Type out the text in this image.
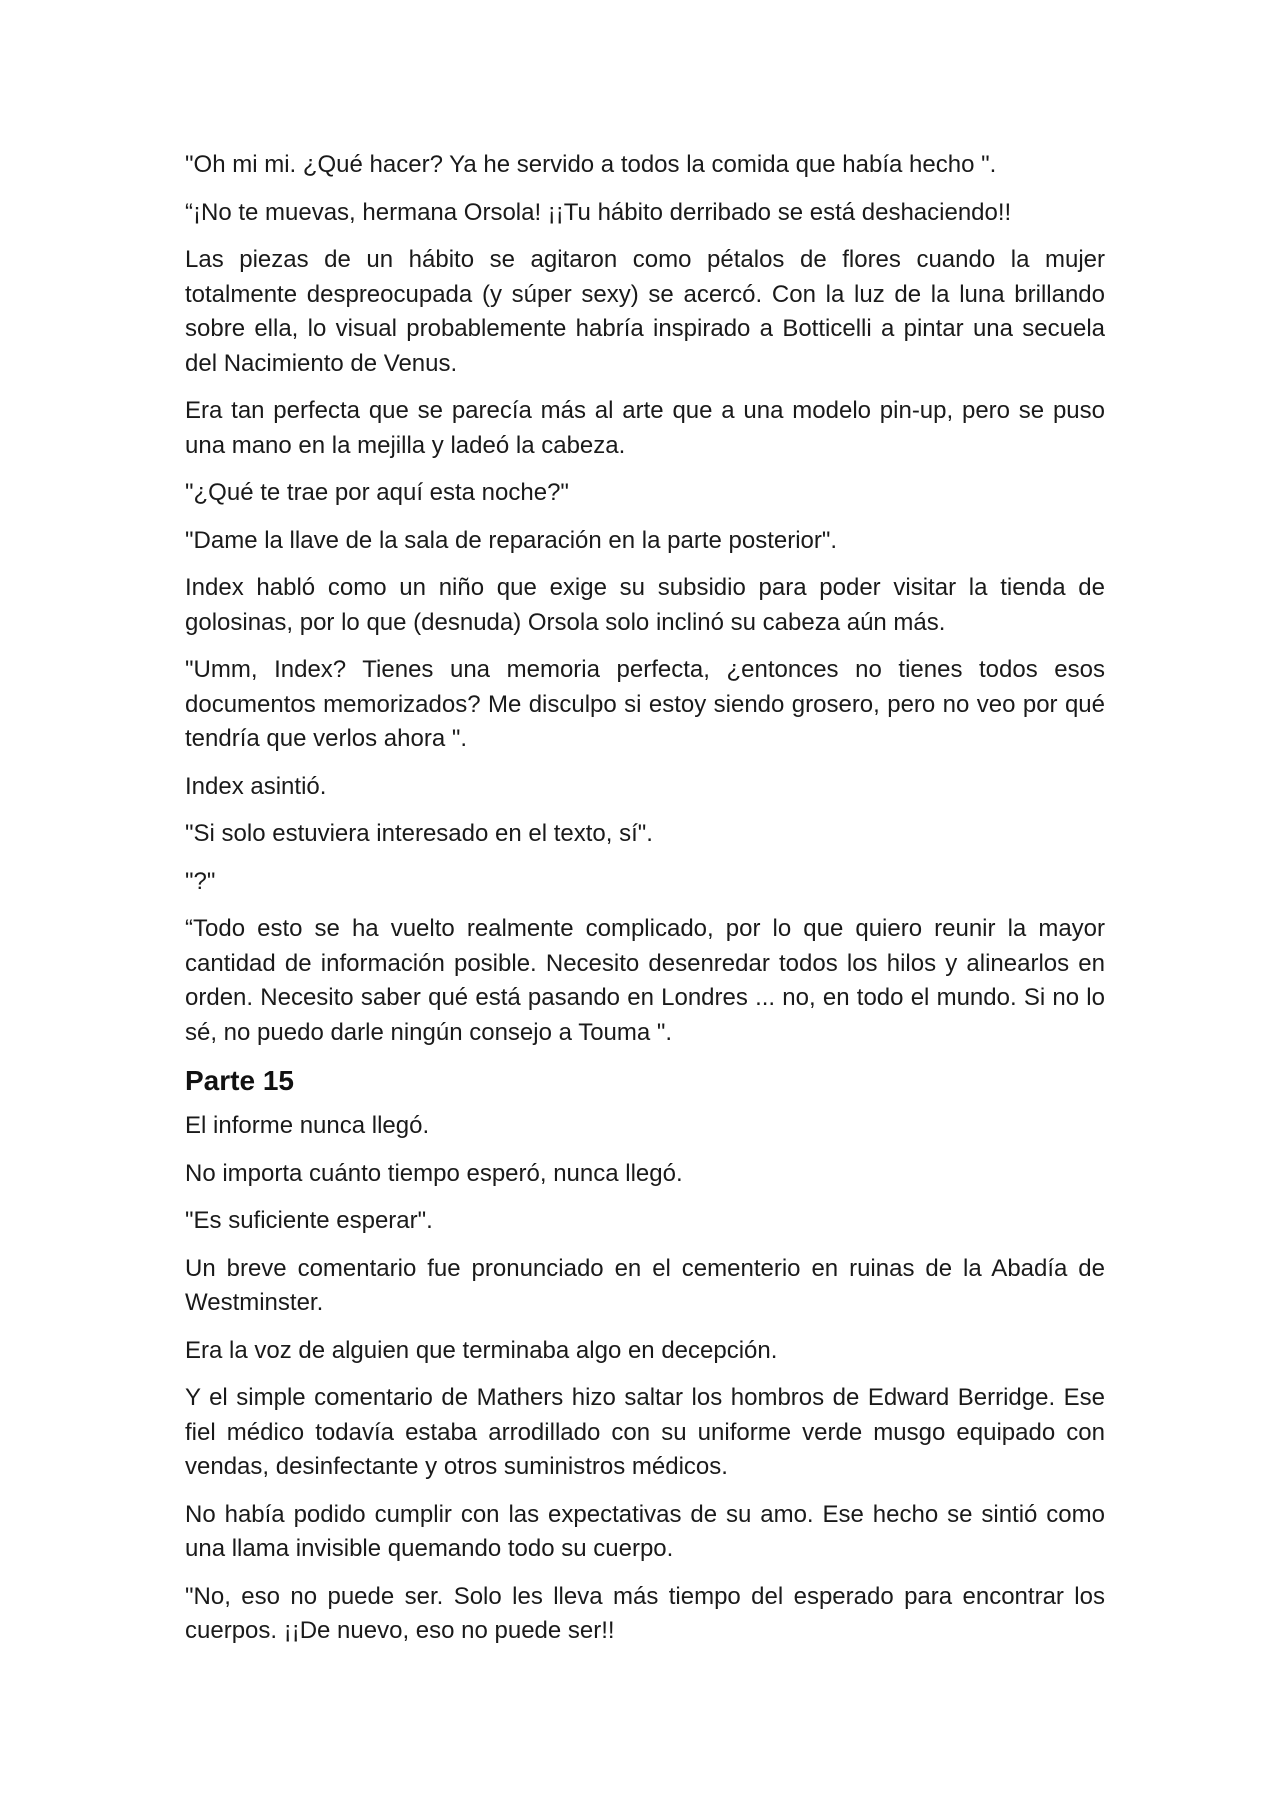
"Oh mi mi. ¿Qué hacer? Ya he servido a todos la comida que había hecho ".

“¡No te muevas, hermana Orsola! ¡¡Tu hábito derribado se está deshaciendo!!

Las piezas de un hábito se agitaron como pétalos de flores cuando la mujer totalmente despreocupada (y súper sexy) se acercó. Con la luz de la luna brillando sobre ella, lo visual probablemente habría inspirado a Botticelli a pintar una secuela del Nacimiento de Venus.

Era tan perfecta que se parecía más al arte que a una modelo pin-up, pero se puso una mano en la mejilla y ladeó la cabeza.

"¿Qué te trae por aquí esta noche?"

"Dame la llave de la sala de reparación en la parte posterior".

Index habló como un niño que exige su subsidio para poder visitar la tienda de golosinas, por lo que (desnuda) Orsola solo inclinó su cabeza aún más.

"Umm, Index? Tienes una memoria perfecta, ¿entonces no tienes todos esos documentos memorizados? Me disculpo si estoy siendo grosero, pero no veo por qué tendría que verlos ahora ".

Index asintió.

"Si solo estuviera interesado en el texto, sí".

"?"

“Todo esto se ha vuelto realmente complicado, por lo que quiero reunir la mayor cantidad de información posible. Necesito desenredar todos los hilos y alinearlos en orden. Necesito saber qué está pasando en Londres ... no, en todo el mundo. Si no lo sé, no puedo darle ningún consejo a Touma ".

Parte 15

El informe nunca llegó.

No importa cuánto tiempo esperó, nunca llegó.

"Es suficiente esperar".

Un breve comentario fue pronunciado en el cementerio en ruinas de la Abadía de Westminster.

Era la voz de alguien que terminaba algo en decepción.

Y el simple comentario de Mathers hizo saltar los hombros de Edward Berridge. Ese fiel médico todavía estaba arrodillado con su uniforme verde musgo equipado con vendas, desinfectante y otros suministros médicos.

No había podido cumplir con las expectativas de su amo. Ese hecho se sintió como una llama invisible quemando todo su cuerpo.

"No, eso no puede ser. Solo les lleva más tiempo del esperado para encontrar los cuerpos. ¡¡De nuevo, eso no puede ser!!
